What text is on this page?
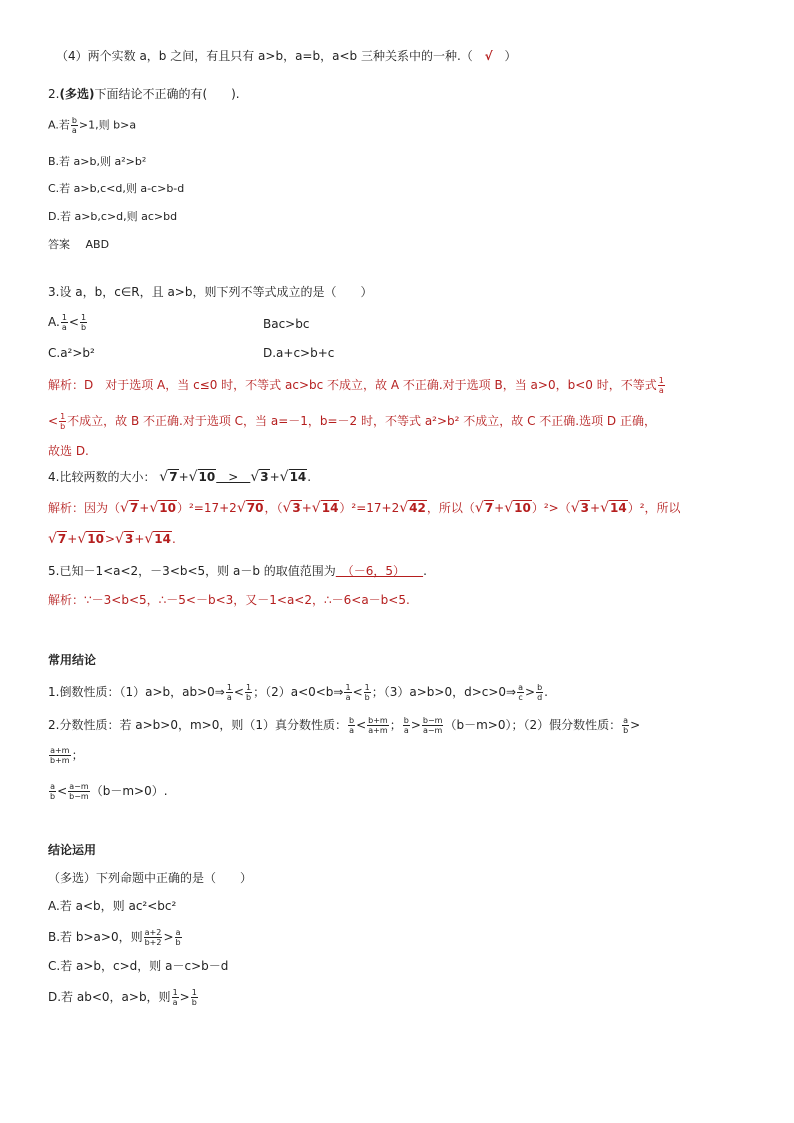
（4）两个实数 a，b 之间，有且只有 a>b，a=b，a<b 三种关系中的一种.（ √ ）
2.(多选)下面结论不正确的有(　　).
A.若 $\frac{b}{a} >1$,则 b>a
B.若 a>b,则 a²>b²
C.若 a>b,c<d,则 a-c>b-d
D.若 a>b,c>d,则 ac>bd
答案 ABD
3.设 a，b，c∈R，且 a>b，则下列不等式成立的是（　　）
A. $\frac{1}{a} < \frac{1}{b}$	Bac>bc
C.a²>b²	D.a+c>b+c
解析：D　对于选项 A，当 c≤0 时，不等式 ac>bc 不成立，故 A 不正确.对于选项 B，当 a>0，b<0 时，不等式 $\frac{1}{a}$
< $\frac{1}{b}$ 不成立，故 B 不正确.对于选项 C，当 a=－1，b=－2 时，不等式 a²>b² 不成立，故 C 不正确.选项 D 正确，
故选 D.
4.比较两数的大小： √7+√10　>　√3+√14.
解析：因为（√7+√10）²=17+2√70，（√3+√14）²=17+2√42，所以（√7+√10）²>（√3+√14）²，所以
√7+√10>√3+√14.
5.已知－1<a<2，－3<b<5，则 a－b 的取值范围为　（－6，5）　　.
解析：∵－3<b<5，∴－5<－b<3，又－1<a<2，∴－6<a－b<5.
常用结论
1.倒数性质：（1）a>b，ab>0⇒ $\frac{1}{a} < \frac{1}{b}$ ；（2）a<0<b⇒ $\frac{1}{a} < \frac{1}{b}$ ；（3）a>b>0，d>c>0⇒ $\frac{a}{c} > \frac{b}{d}$ .
2.分数性质：若 a>b>0，m>0，则（1）真分数性质： $\frac{b}{a} < \frac{b+m}{a+m}$ ； $\frac{b}{a} > \frac{b-m}{a-m} (b-m>0)$；（2）假分数性质： $\frac{a}{b}$ >
$\frac{a+m}{b+m}$ ；
$\frac{a}{b} < \frac{a-m}{b-m} (b-m>0)$.
结论运用
（多选）下列命题中正确的是（　　）
A.若 a<b，则 ac²<bc²
B.若 b>a>0，则 $\frac{a+2}{b+2} > \frac{a}{b}$
C.若 a>b，c>d，则 a－c>b－d
D.若 ab<0，a>b，则 $\frac{1}{a} > \frac{1}{b}$
